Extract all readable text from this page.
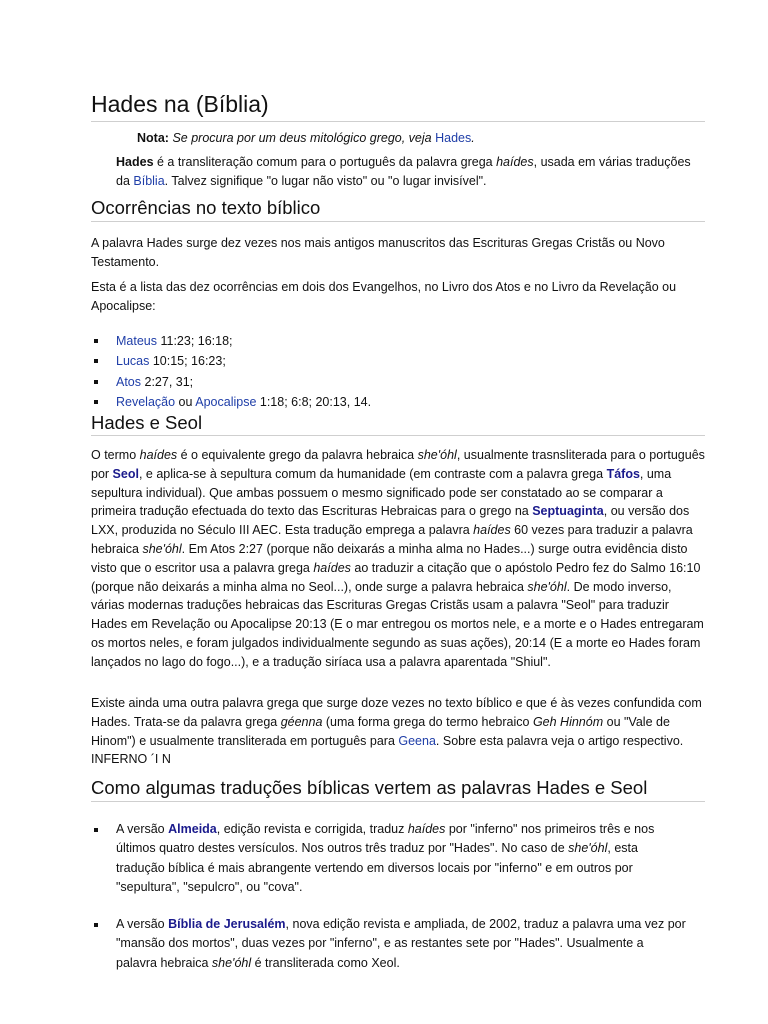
Hades na (Bíblia)

Nota: Se procura por um deus mitológico grego, veja Hades.

Hades é a transliteração comum para o português da palavra grega haídes, usada em várias traduções da Bíblia. Talvez signifique "o lugar não visto" ou "o lugar invisível".

Ocorrências no texto bíblico

A palavra Hades surge dez vezes nos mais antigos manuscritos das Escrituras Gregas Cristãs ou Novo Testamento.

Esta é a lista das dez ocorrências em dois dos Evangelhos, no Livro dos Atos e no Livro da Revelação ou Apocalipse:

Mateus 11:23; 16:18;
Lucas 10:15; 16:23;
Atos 2:27, 31;
Revelação ou Apocalipse 1:18; 6:8; 20:13, 14.
Hades e Seol

O termo haídes é o equivalente grego da palavra hebraica she'óhl, usualmente trasnsliterada para o português por Seol, e aplica-se à sepultura comum da humanidade (em contraste com a palavra grega Táfos, uma sepultura individual). Que ambas possuem o mesmo significado pode ser constatado ao se comparar a primeira tradução efectuada do texto das Escrituras Hebraicas para o grego na Septuaginta, ou versão dos LXX, produzida no Século III AEC. Esta tradução emprega a palavra haídes 60 vezes para traduzir a palavra hebraica she'óhl. Em Atos 2:27 (porque não deixarás a minha alma no Hades...) surge outra evidência disto visto que o escritor usa a palavra grega haídes ao traduzir a citação que o apóstolo Pedro fez do Salmo 16:10 (porque não deixarás a minha alma no Seol...), onde surge a palavra hebraica she'óhl. De modo inverso, várias modernas traduções hebraicas das Escrituras Gregas Cristãs usam a palavra "Seol" para traduzir Hades em Revelação ou Apocalipse 20:13 (E o mar entregou os mortos nele, e a morte e o Hades entregaram os mortos neles, e foram julgados individualmente segundo as suas ações), 20:14 (E a morte eo Hades foram lançados no lago do fogo...), e a tradução siríaca usa a palavra aparentada "Shiul".

Existe ainda uma outra palavra grega que surge doze vezes no texto bíblico e que é às vezes confundida com Hades. Trata-se da palavra grega géenna (uma forma grega do termo hebraico Geh Hinnóm ou "Vale de Hinom") e usualmente transliterada em português para Geena. Sobre esta palavra veja o artigo respectivo. INFERNO ´I N

Como algumas traduções bíblicas vertem as palavras Hades e Seol
A versão Almeida, edição revista e corrigida, traduz haídes por "inferno" nos primeiros três e nos últimos quatro destes versículos. Nos outros três traduz por "Hades". No caso de she'óhl, esta tradução bíblica é mais abrangente vertendo em diversos locais por "inferno" e em outros por "sepultura", "sepulcro", ou "cova".
A versão Bíblia de Jerusalém, nova edição revista e ampliada, de 2002, traduz a palavra uma vez por "mansão dos mortos", duas vezes por "inferno", e as restantes sete por "Hades". Usualmente a palavra hebraica she'óhl é transliterada como Xeol.
